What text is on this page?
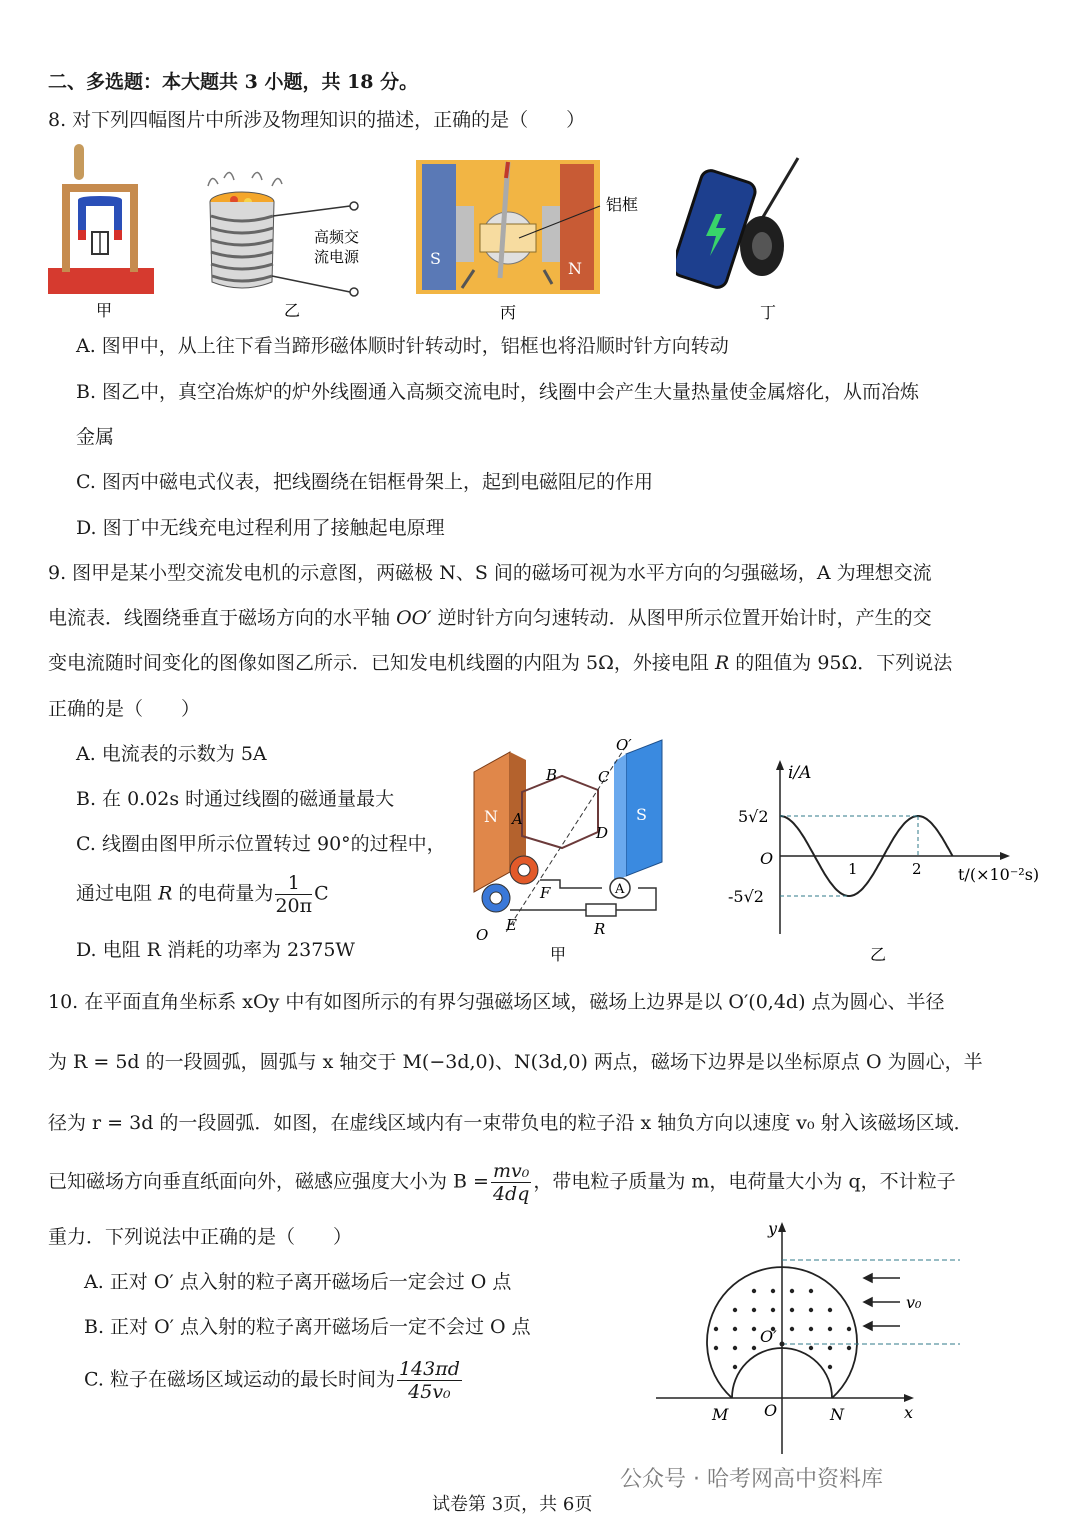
二、多选题：本大题共 3 小题，共 18 分。
8. 对下列四幅图片中所涉及物理知识的描述，正确的是（　　）
甲
高频交
流电源
乙
S
N
铝框
丙	丁
A. 图甲中，从上往下看当蹄形磁体顺时针转动时，铝框也将沿顺时针方向转动
B. 图乙中，真空冶炼炉的炉外线圈通入高频交流电时，线圈中会产生大量热量使金属熔化，从而冶炼
金属
C. 图丙中磁电式仪表，把线圈绕在铝框骨架上，起到电磁阻尼的作用
D. 图丁中无线充电过程利用了接触起电原理
9. 图甲是某小型交流发电机的示意图，两磁极 N、S 间的磁场可视为水平方向的匀强磁场，A 为理想交流
电流表．线圈绕垂直于磁场方向的水平轴 OO′ 逆时针方向匀速转动．从图甲所示位置开始计时，产生的交
变电流随时间变化的图像如图乙所示．已知发电机线圈的内阻为 5Ω，外接电阻 R 的阻值为 95Ω．下列说法
正确的是（　　）
A. 电流表的示数为 5A
B. 在 0.02s 时通过线圈的磁通量最大
C. 线圈由图甲所示位置转过 90°的过程中，
通过电阻 R 的电荷量为 $\frac{1}{20\pi}$ C
D. 电阻 R 消耗的功率为 2375W
A
O′
B	C
A
D
S
N
F
E
O	R
甲
i/A
5√2
-5√2
O
1	2 t/(×10⁻²s)
乙
10. 在平面直角坐标系 xOy 中有如图所示的有界匀强磁场区域，磁场上边界是以 O′(0,4d) 点为圆心、半径
为 R = 5d 的一段圆弧，圆弧与 x 轴交于 M(−3d,0)、N(3d,0) 两点，磁场下边界是以坐标原点 O 为圆心，半
径为 r = 3d 的一段圆弧．如图，在虚线区域内有一束带负电的粒子沿 x 轴负方向以速度 v₀ 射入该磁场区域．
已知磁场方向垂直纸面向外，磁感应强度大小为 $B = \frac{\text{mv₀}}{4dq}$ ，带电粒子质量为 m，电荷量大小为 q，不计粒子
重力．下列说法中正确的是（　　）
A. 正对 O′ 点入射的粒子离开磁场后一定会过 O 点
B. 正对 O′ 点入射的粒子离开磁场后一定不会过 O 点
C. 粒子在磁场区域运动的最长时间为 $\frac{143\pi d}{\text{45v₀}}$
y
x
O
O′
M	N
v₀
公众号 · 哈考网高中资料库
试卷第 3页，共 6页
